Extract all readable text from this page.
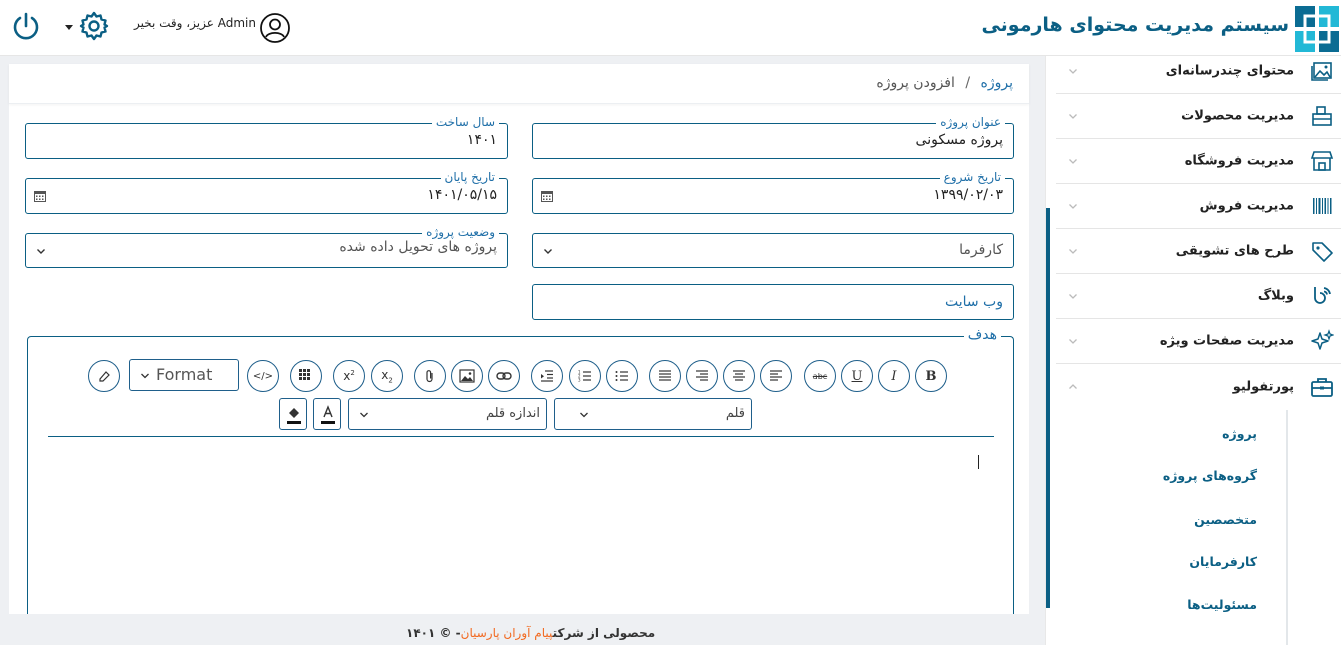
Admin عزیز، وقت بخیر	سیستم مدیریت محتوای هارمونی
پروژه / افزودن پروژه
عنوان پروژه
پروژه مسکونی
سال ساخت
۱۴۰۱
تاریخ شروع
۱۳۹۹/۰۲/۰۳
تاریخ پایان
۱۴۰۱/۰۵/۱۵
کارفرما
وضعیت پروژه
پروژه های تحویل داده شده
وب سایت
هدف
Format	</>	$x^2$ $x_2$
1
2
3	abc U I B
اندازه قلم	قلم
محصولی از شرکتپیام آوران پارسیان- © ۱۴۰۱
محتوای چندرسانه‌ای
مدیریت محصولات
مدیریت فروشگاه
مدیریت فروش
طرح های تشویقی
وبلاگ
مدیریت صفحات ویژه
پورتفولیو
پروژه
گروه‌های پروژه
متخصصین
کارفرمایان
مسئولیت‌ها
